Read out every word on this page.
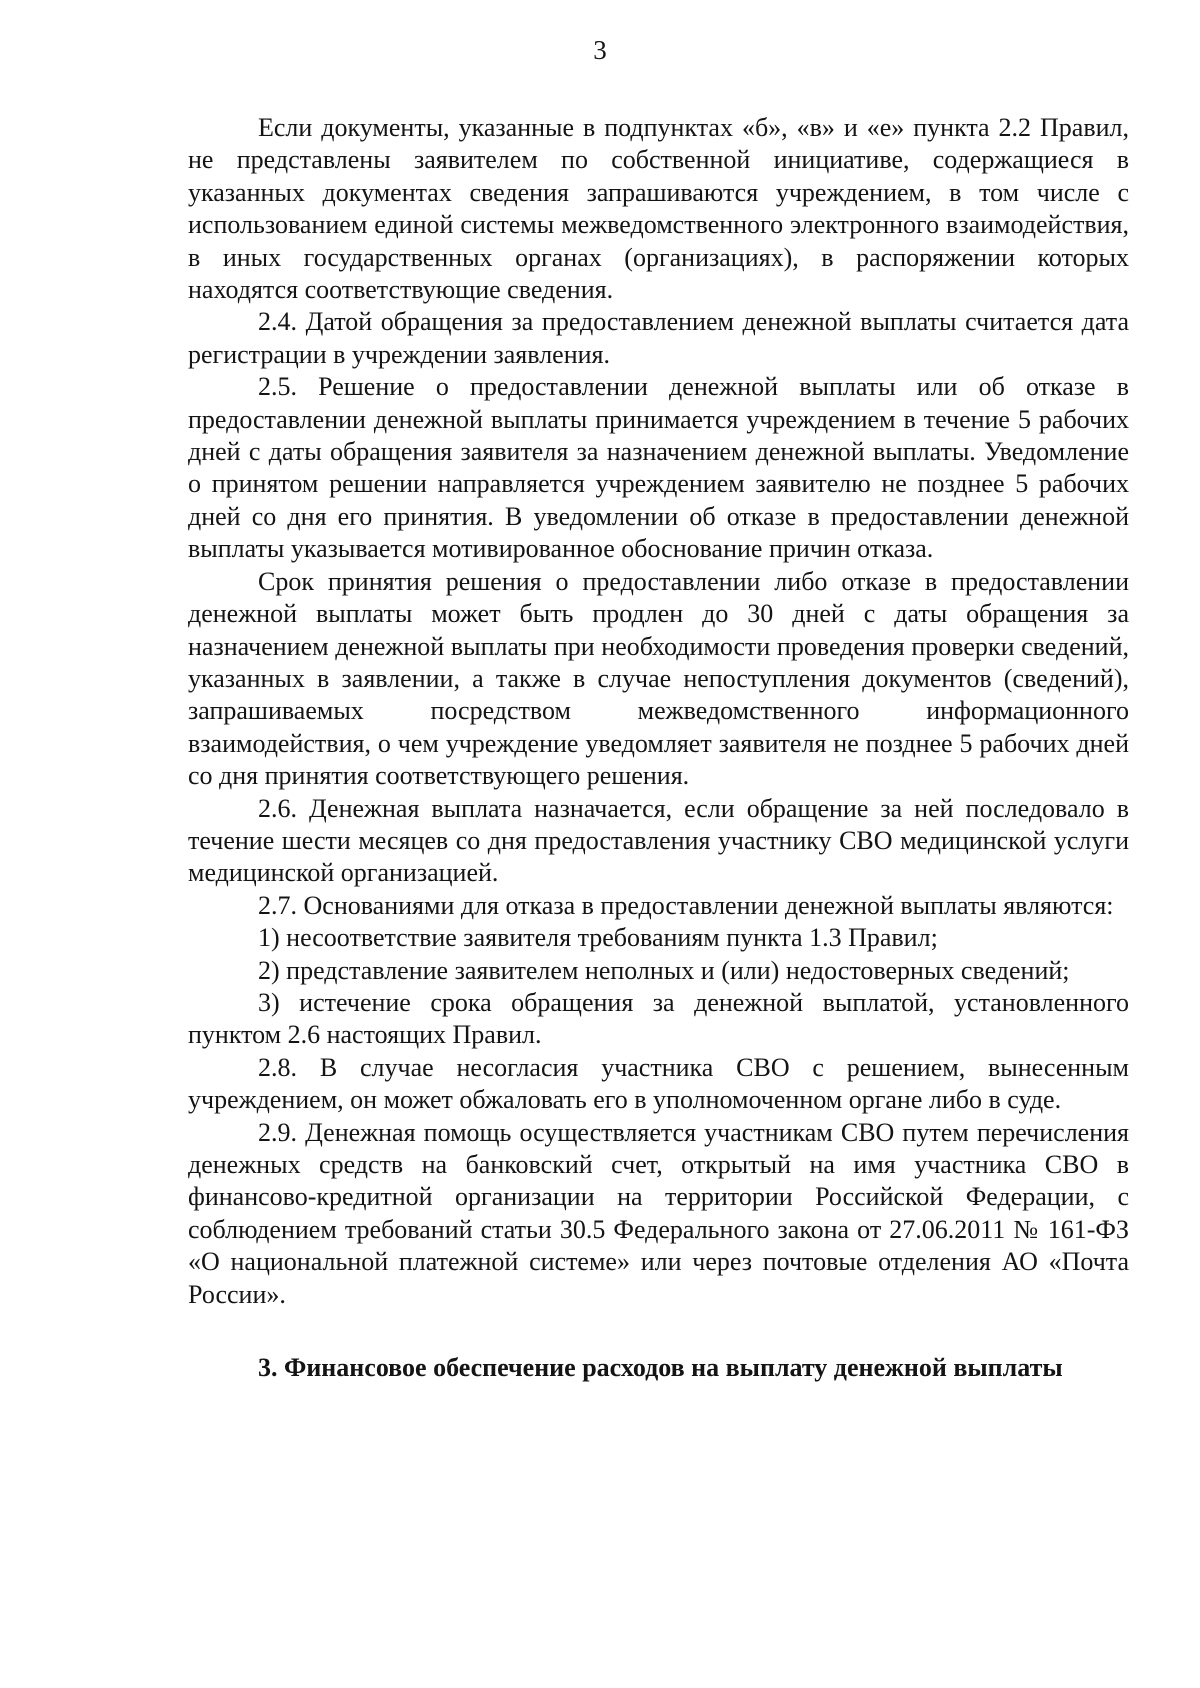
3

Если документы, указанные в подпунктах «б», «в» и «е» пункта 2.2 Правил, не представлены заявителем по собственной инициативе, содержащиеся в указанных документах сведения запрашиваются учреждением, в том числе с использованием единой системы межведомственного электронного взаимодействия, в иных государственных органах (организациях), в распоряжении которых находятся соответствующие сведения.

2.4. Датой обращения за предоставлением денежной выплаты считается дата регистрации в учреждении заявления.

2.5. Решение о предоставлении денежной выплаты или об отказе в предоставлении денежной выплаты принимается учреждением в течение 5 рабочих дней с даты обращения заявителя за назначением денежной выплаты. Уведомление о принятом решении направляется учреждением заявителю не позднее 5 рабочих дней со дня его принятия. В уведомлении об отказе в предоставлении денежной выплаты указывается мотивированное обоснование причин отказа.

Срок принятия решения о предоставлении либо отказе в предоставлении денежной выплаты может быть продлен до 30 дней с даты обращения за назначением денежной выплаты при необходимости проведения проверки сведений, указанных в заявлении, а также в случае непоступления документов (сведений), запрашиваемых посредством межведомственного информационного взаимодействия, о чем учреждение уведомляет заявителя не позднее 5 рабочих дней со дня принятия соответствующего решения.

2.6. Денежная выплата назначается, если обращение за ней последовало в течение шести месяцев со дня предоставления участнику СВО медицинской услуги медицинской организацией.

2.7. Основаниями для отказа в предоставлении денежной выплаты являются:

1) несоответствие заявителя требованиям пункта 1.3 Правил;

2) представление заявителем неполных и (или) недостоверных сведений;

3) истечение срока обращения за денежной выплатой, установленного пунктом 2.6 настоящих Правил.

2.8. В случае несогласия участника СВО с решением, вынесенным учреждением, он может обжаловать его в уполномоченном органе либо в суде.

2.9. Денежная помощь осуществляется участникам СВО путем перечисления денежных средств на банковский счет, открытый на имя участника СВО в финансово-кредитной организации на территории Российской Федерации, с соблюдением требований статьи 30.5 Федерального закона от 27.06.2011 № 161-ФЗ «О национальной платежной системе» или через почтовые отделения АО «Почта России».

3. Финансовое обеспечение расходов на выплату денежной выплаты
